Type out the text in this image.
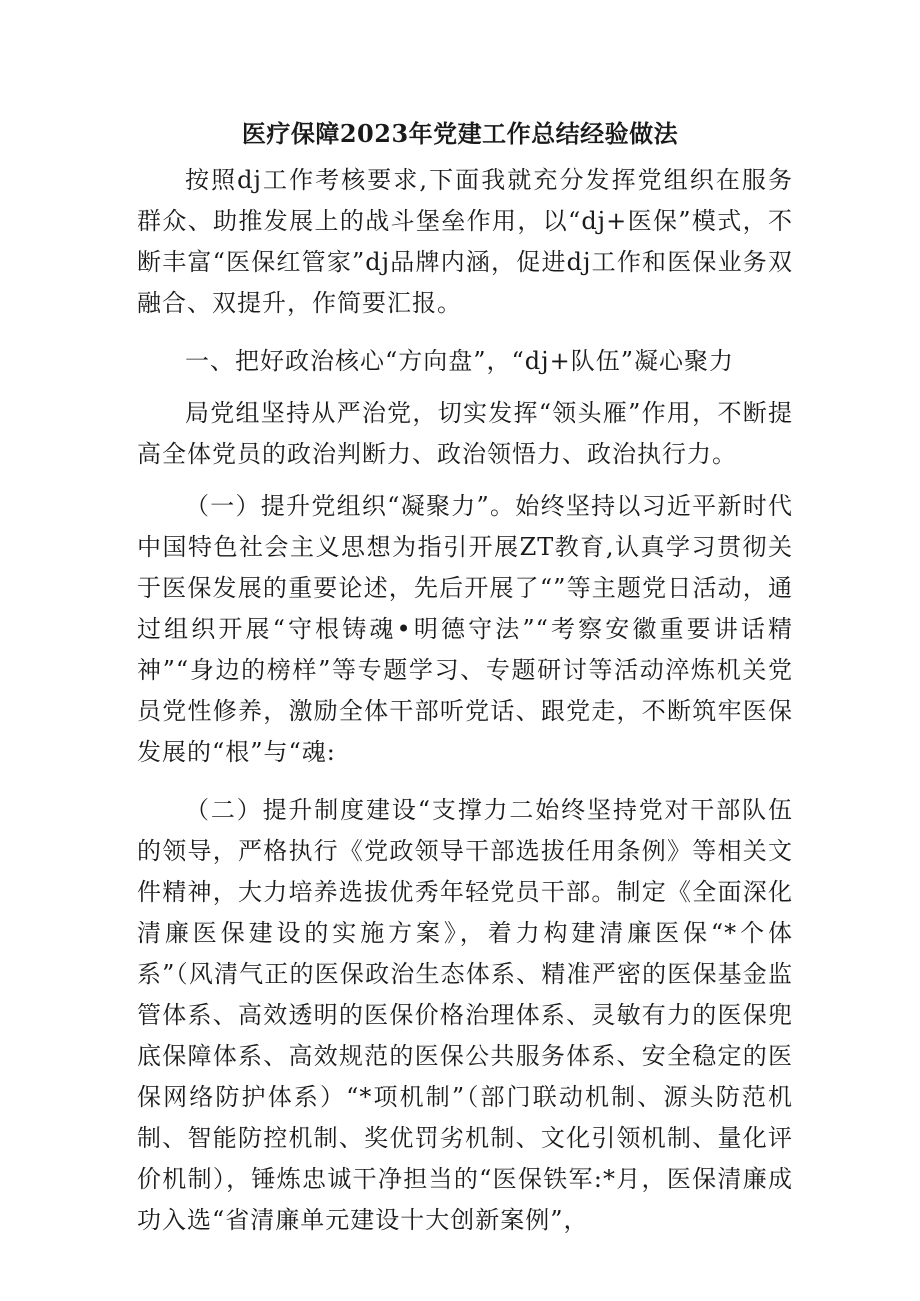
医疗保障2023年党建工作总结经验做法

按照dj工作考核要求,下面我就充分发挥党组织在服务群众、助推发展上的战斗堡垒作用，以“dj+医保”模式，不断丰富“医保红管家”dj品牌内涵，促进dj工作和医保业务双融合、双提升，作简要汇报。

一、把好政治核心“方向盘”，“dj+队伍”凝心聚力

局党组坚持从严治党，切实发挥“领头雁”作用，不断提高全体党员的政治判断力、政治领悟力、政治执行力。

（一）提升党组织“凝聚力”。始终坚持以习近平新时代中国特色社会主义思想为指引开展ZT教育,认真学习贯彻关于医保发展的重要论述，先后开展了“”等主题党日活动，通过组织开展“守根铸魂•明德守法”“考察安徽重要讲话精神”“身边的榜样”等专题学习、专题研讨等活动淬炼机关党员党性修养，激励全体干部听党话、跟党走，不断筑牢医保发展的“根”与“魂:

（二）提升制度建设“支撑力二始终坚持党对干部队伍的领导，严格执行《党政领导干部选拔任用条例》等相关文件精神，大力培养选拔优秀年轻党员干部。制定《全面深化清廉医保建设的实施方案》，着力构建清廉医保“*个体系”（风清气正的医保政治生态体系、精准严密的医保基金监管体系、高效透明的医保价格治理体系、灵敏有力的医保兜底保障体系、高效规范的医保公共服务体系、安全稳定的医保网络防护体系）“*项机制”（部门联动机制、源头防范机制、智能防控机制、奖优罚劣机制、文化引领机制、量化评价机制），锤炼忠诚干净担当的“医保铁军:*月，医保清廉成功入选“省清廉单元建设十大创新案例”，
